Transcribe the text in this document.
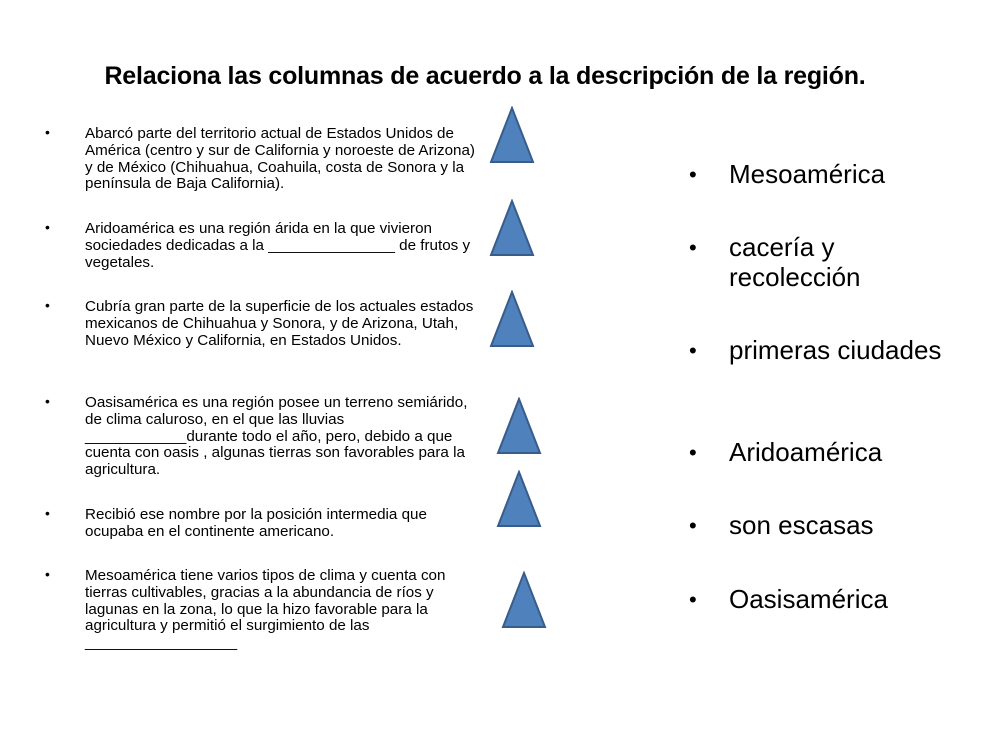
Relaciona las columnas de acuerdo a la descripción de la región.
• Abarcó parte del territorio actual de Estados Unidos de América (centro y sur de California y noroeste de Arizona) y de México (Chihuahua, Coahuila, costa de Sonora y la península de Baja California).
• Aridoamérica es una región árida en la que vivieron sociedades dedicadas a la _______________ de frutos y vegetales.
• Cubría gran parte de la superficie de los actuales estados mexicanos de Chihuahua y Sonora, y de Arizona, Utah, Nuevo México y California, en Estados Unidos.
• Oasisamérica es una región posee un terreno semiárido, de clima caluroso, en el que las lluvias ____________durante todo el año, pero, debido a que cuenta con oasis , algunas tierras son favorables para la agricultura.
• Recibió ese nombre por la posición intermedia que ocupaba en el continente americano.
• Mesoamérica tiene varios tipos de clima y cuenta con tierras cultivables, gracias a la abundancia de ríos y lagunas en la zona, lo que la hizo favorable para la agricultura y permitió el surgimiento de las __________________
• Mesoamérica
• cacería y recolección
• primeras ciudades
• Aridoamérica
• son escasas
• Oasisamérica
